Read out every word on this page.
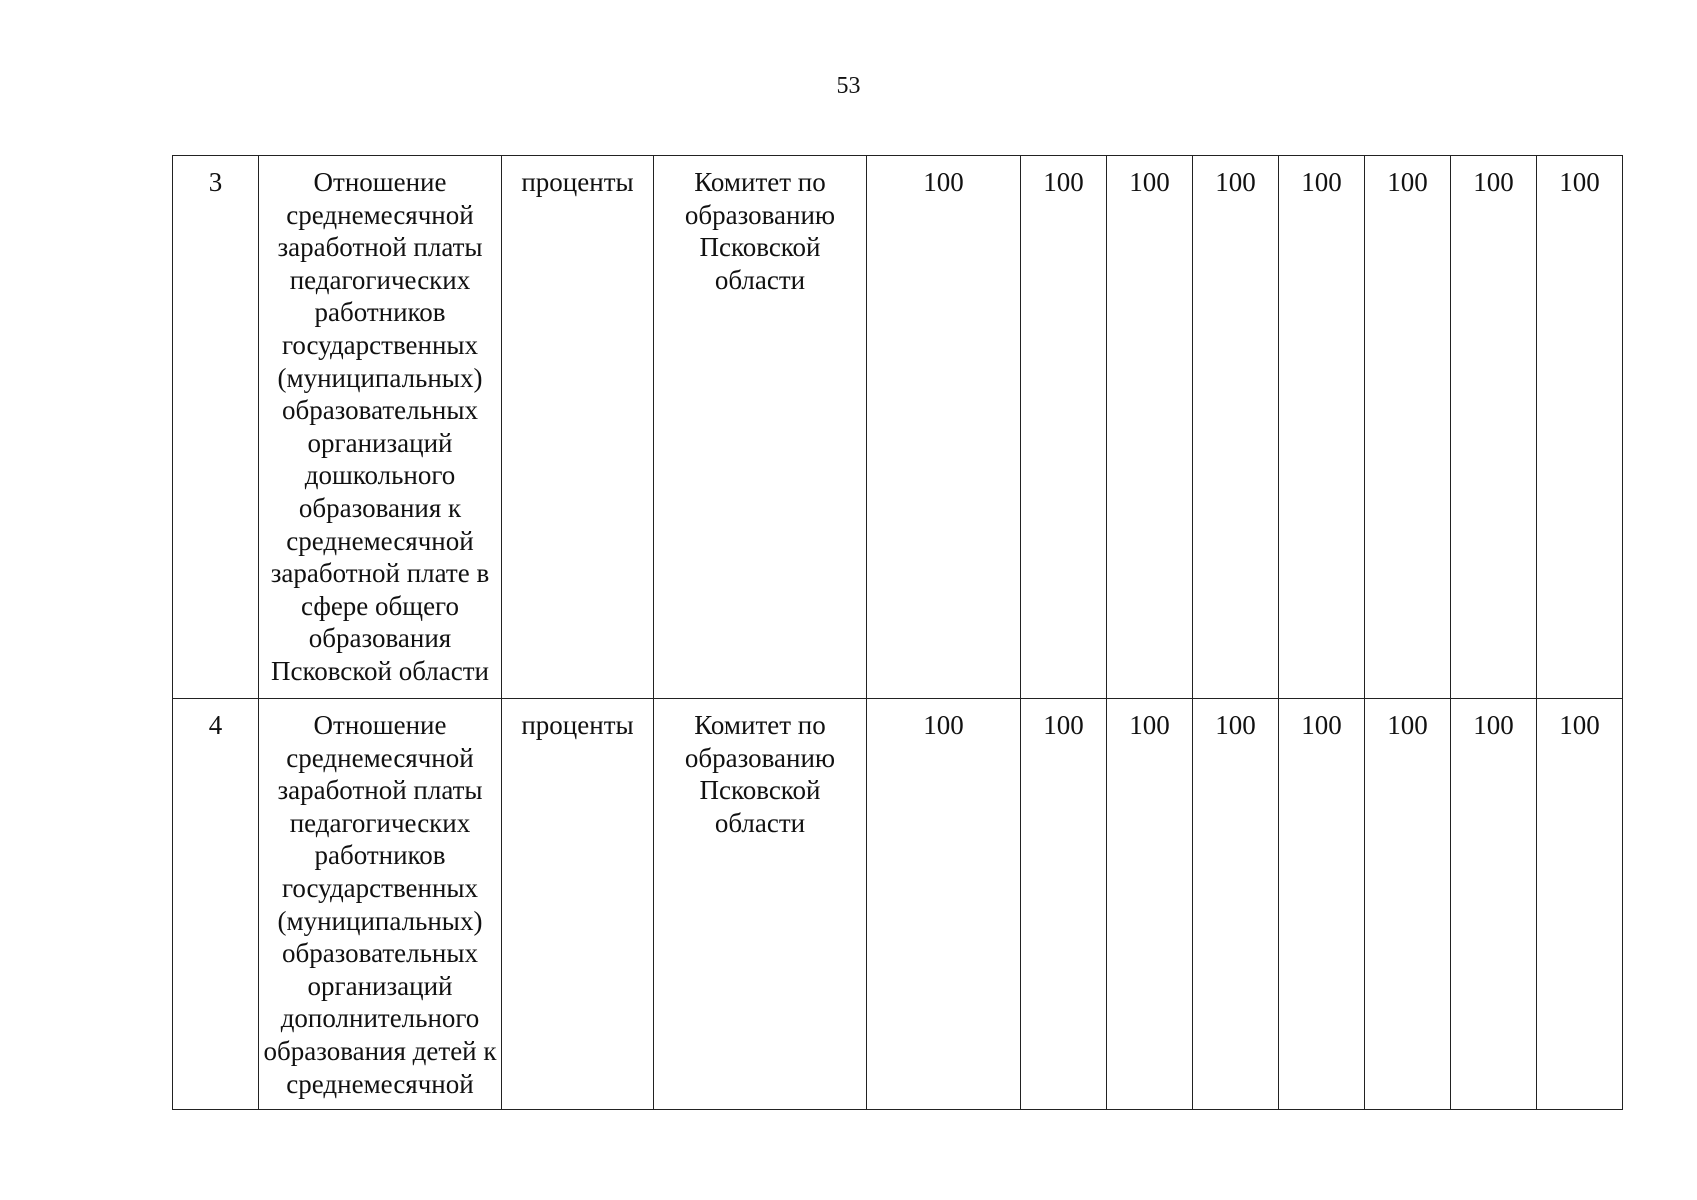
53
3	Отношение среднемесячной заработной платы педагогических работников государственных (муниципальных) образовательных организаций дошкольного образования к среднемесячной заработной плате в сфере общего образования Псковской области	проценты	Комитет по образованию Псковской области	100	100	100	100	100	100	100	100
4	Отношение среднемесячной заработной платы педагогических работников государственных (муниципальных) образовательных организаций дополнительного образования детей к среднемесячной	проценты	Комитет по образованию Псковской области	100	100	100	100	100	100	100	100
